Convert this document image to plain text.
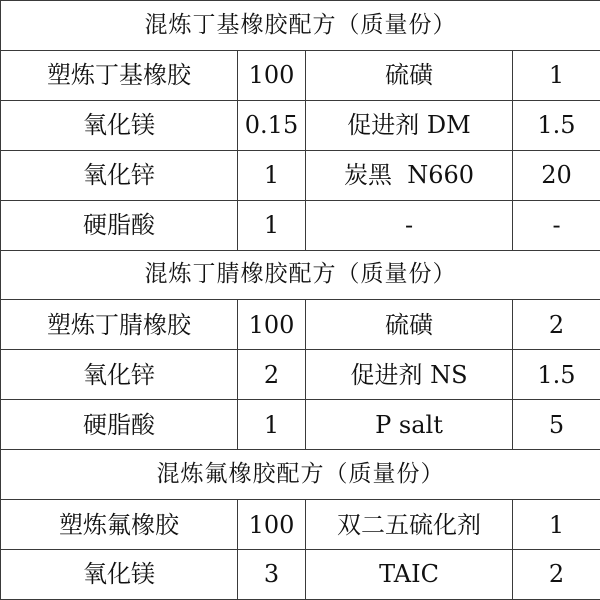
混炼丁基橡胶配方（质量份）			
塑炼丁基橡胶	100	硫磺	1
氧化镁	0.15	促进剂 DM	1.5
氧化锌	1	炭黑  N660	20
硬脂酸	1	-	-
混炼丁腈橡胶配方（质量份）			
塑炼丁腈橡胶	100	硫磺	2
氧化锌	2	促进剂 NS	1.5
硬脂酸	1	P salt	5
混炼氟橡胶配方（质量份）			
塑炼氟橡胶	100	双二五硫化剂	1
氧化镁	3	TAIC	2
